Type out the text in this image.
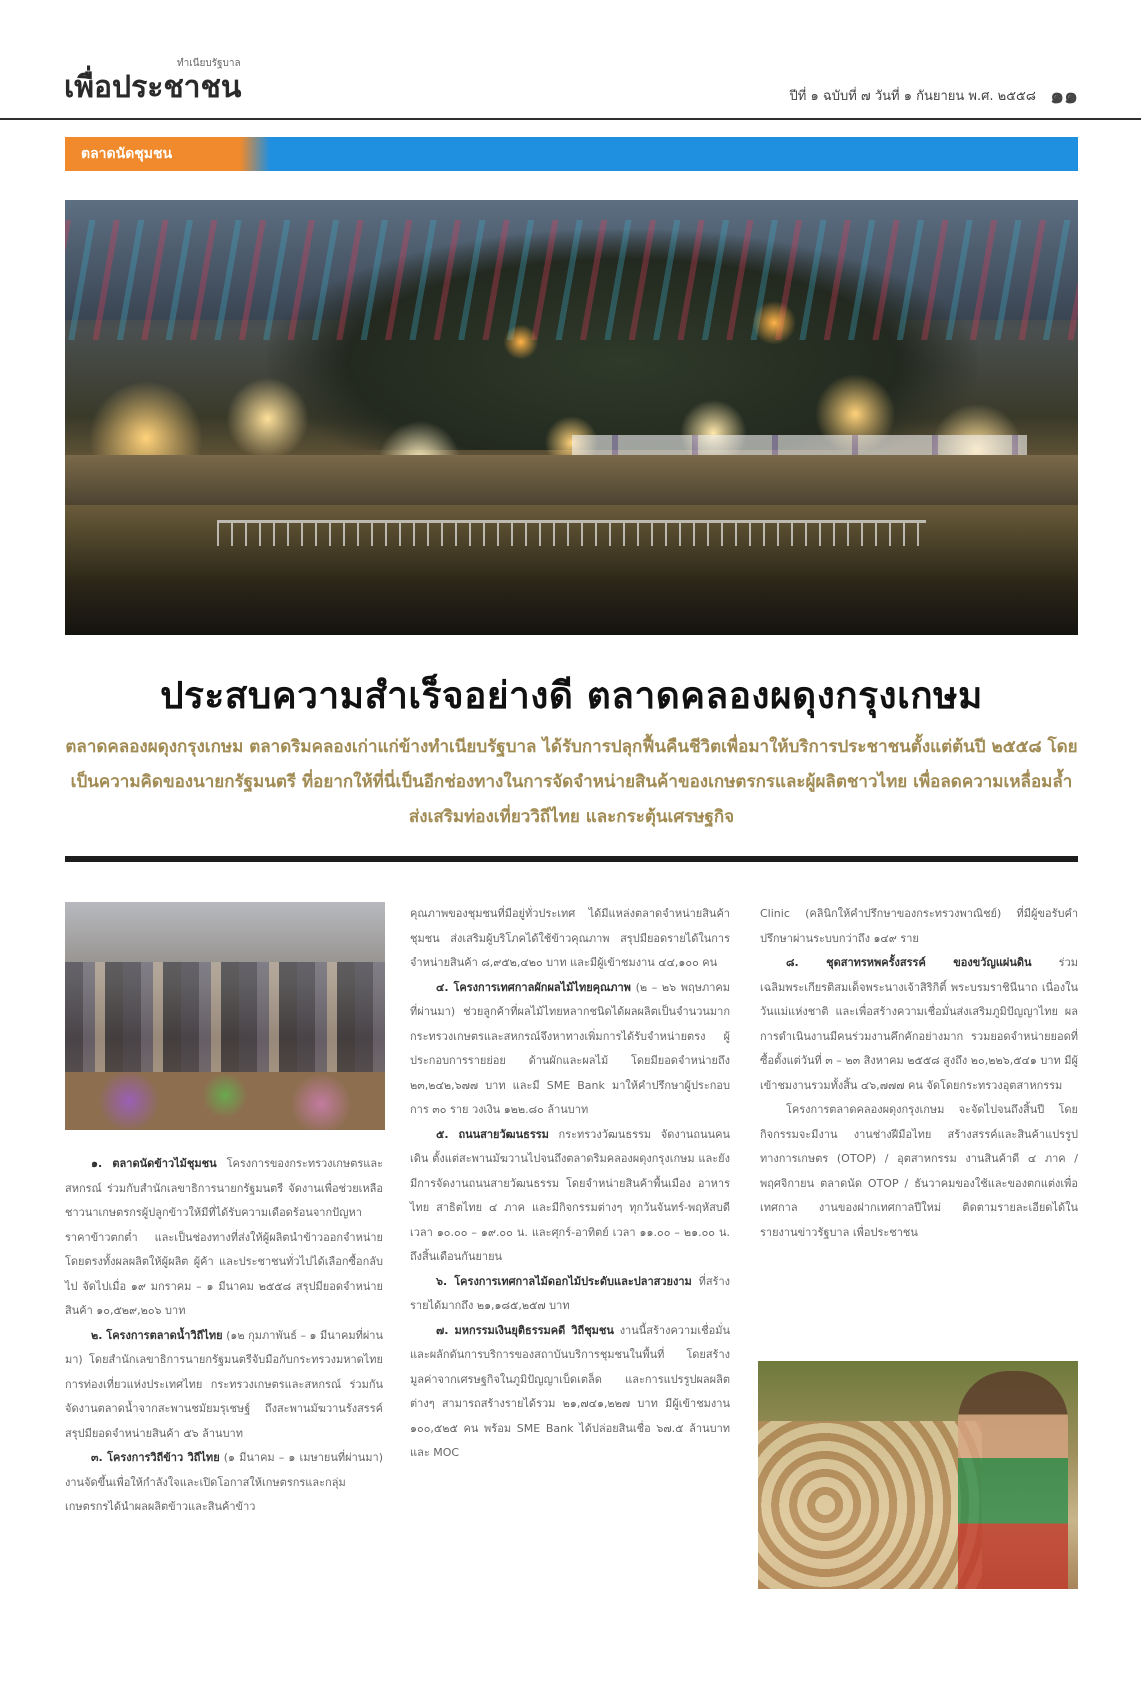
ทำเนียบรัฐบาล
เพื่อประชาชน	ปีที่ ๑ ฉบับที่ ๗ วันที่ ๑ กันยายน พ.ศ. ๒๕๕๘ ๑๑
ตลาดนัดชุมชน
ประสบความสำเร็จอย่างดี ตลาดคลองผดุงกรุงเกษม
ตลาดคลองผดุงกรุงเกษม ตลาดริมคลองเก่าแก่ข้างทำเนียบรัฐบาล ได้รับการปลุกฟื้นคืนชีวิตเพื่อมาให้บริการประชาชนตั้งแต่ต้นปี ๒๕๕๘ โดยเป็นความคิดของนายกรัฐมนตรี ที่อยากให้ที่นี่เป็นอีกช่องทางในการจัดจำหน่ายสินค้าของเกษตรกรและผู้ผลิตชาวไทย เพื่อลดความเหลื่อมล้ำ ส่งเสริมท่องเที่ยววิถีไทย และกระตุ้นเศรษฐกิจ

๑. ตลาดนัดข้าวไม้ชุมชน โครงการของกระทรวงเกษตรและสหกรณ์ ร่วมกับสำนักเลขาธิการนายกรัฐมนตรี จัดงานเพื่อช่วยเหลือชาวนาเกษตรกรผู้ปลูกข้าวให้มีที่ได้รับความเดือดร้อนจากปัญหาราคาข้าวตกต่ำ และเป็นช่องทางที่ส่งให้ผู้ผลิตนำข้าวออกจำหน่ายโดยตรงทั้งผลผลิตให้ผู้ผลิต ผู้ค้า และประชาชนทั่วไปได้เลือกซื้อกลับไป จัดไปเมื่อ ๑๙ มกราคม – ๑ มีนาคม ๒๕๕๘ สรุปมียอดจำหน่ายสินค้า ๑๐,๕๒๙,๒๐๖ บาท

๒. โครงการตลาดน้ำวิถีไทย (๑๒ กุมภาพันธ์ – ๑ มีนาคมที่ผ่านมา) โดยสำนักเลขาธิการนายกรัฐมนตรีจับมือกับกระทรวงมหาดไทย การท่องเที่ยวแห่งประเทศไทย กระทรวงเกษตรและสหกรณ์ ร่วมกันจัดงานตลาดน้ำจากสะพานชมัยมรุเชษฐ์ ถึงสะพานมัฆวานรังสรรค์ สรุปมียอดจำหน่ายสินค้า ๕๖ ล้านบาท

๓. โครงการวิถีข้าว วิถีไทย (๑ มีนาคม – ๑ เมษายนที่ผ่านมา) งานจัดขึ้นเพื่อให้กำลังใจและเปิดโอกาสให้เกษตรกรและกลุ่มเกษตรกรได้นำผลผลิตข้าวและสินค้าข้าว

คุณภาพของชุมชนที่มีอยู่ทั่วประเทศ ได้มีแหล่งตลาดจำหน่ายสินค้าชุมชน ส่งเสริมผู้บริโภคได้ใช้ข้าวคุณภาพ สรุปมียอดรายได้ในการจำหน่ายสินค้า ๘,๙๕๒,๔๒๐ บาท และมีผู้เข้าชมงาน ๔๔,๑๐๐ คน

๔. โครงการเทศกาลผักผลไม้ไทยคุณภาพ (๒ – ๒๖ พฤษภาคมที่ผ่านมา) ช่วยลูกค้าที่ผลไม้ไทยหลากชนิดได้ผลผลิตเป็นจำนวนมาก กระทรวงเกษตรและสหกรณ์จึงหาทางเพิ่มการได้รับจำหน่ายตรง ผู้ประกอบการรายย่อย ด้านผักและผลไม้ โดยมียอดจำหน่ายถึง ๒๓,๒๔๒,๖๗๗ บาท และมี SME Bank มาให้คำปรึกษาผู้ประกอบการ ๓๐ ราย วงเงิน ๑๒๒.๘๐ ล้านบาท

๕. ถนนสายวัฒนธรรม กระทรวงวัฒนธรรม จัดงานถนนคนเดิน ตั้งแต่สะพานมัฆวานไปจนถึงตลาดริมคลองผดุงกรุงเกษม และยังมีการจัดงานถนนสายวัฒนธรรม โดยจำหน่ายสินค้าพื้นเมือง อาหารไทย สาธิตไทย ๔ ภาค และมีกิจกรรมต่างๆ ทุกวันจันทร์-พฤหัสบดี เวลา ๑๐.๐๐ – ๑๙.๐๐ น. และศุกร์-อาทิตย์ เวลา ๑๑.๐๐ – ๒๑.๐๐ น. ถึงสิ้นเดือนกันยายน

๖. โครงการเทศกาลไม้ดอกไม้ประดับและปลาสวยงาม ที่สร้างรายได้มากถึง ๒๑,๑๘๕,๒๕๗ บาท

๗. มหกรรมเงินยุติธรรมคดี วิถีชุมชน งานนี้สร้างความเชื่อมั่นและผลักดันการบริการของสถาบันบริการชุมชนในพื้นที่ โดยสร้างมูลค่าจากเศรษฐกิจในภูมิปัญญาเบ็ดเตล็ด และการแปรรูปผลผลิตต่างๆ สามารถสร้างรายได้รวม ๒๑,๗๔๑,๒๒๗ บาท มีผู้เข้าชมงาน ๑๐๐,๕๒๕ คน พร้อม SME Bank ได้ปล่อยสินเชื่อ ๖๗.๕ ล้านบาท และ MOC

Clinic (คลินิกให้คำปรึกษาของกระทรวงพาณิชย์) ที่มีผู้ขอรับคำปรึกษาผ่านระบบกว่าถึง ๑๔๙ ราย

๘. ชุดสาทรหพครั้งสรรค์ ของขวัญแผ่นดิน ร่วมเฉลิมพระเกียรติสมเด็จพระนางเจ้าสิริกิติ์ พระบรมราชินีนาถ เนื่องในวันแม่แห่งชาติ และเพื่อสร้างความเชื่อมั่นส่งเสริมภูมิปัญญาไทย ผลการดำเนินงานมีคนร่วมงานคึกคักอย่างมาก รวมยอดจำหน่ายยอดที่ซื้อตั้งแต่วันที่ ๓ – ๒๓ สิงหาคม ๒๕๕๘ สูงถึง ๒๐,๒๒๖,๕๔๑ บาท มีผู้เข้าชมงานรวมทั้งสิ้น ๔๖,๗๗๗ คน จัดโดยกระทรวงอุตสาหกรรม

โครงการตลาดคลองผดุงกรุงเกษม จะจัดไปจนถึงสิ้นปี โดยกิจกรรมจะมีงาน งานช่างฝีมือไทย สร้างสรรค์และสินค้าแปรรูปทางการเกษตร (OTOP) / อุตสาหกรรม งานสินค้าดี ๔ ภาค / พฤศจิกายน ตลาดนัด OTOP / ธันวาคมของใช้และของตกแต่งเพื่อเทศกาล งานของฝากเทศกาลปีใหม่ ติดตามรายละเอียดได้ในรายงานข่าวรัฐบาล เพื่อประชาชน
